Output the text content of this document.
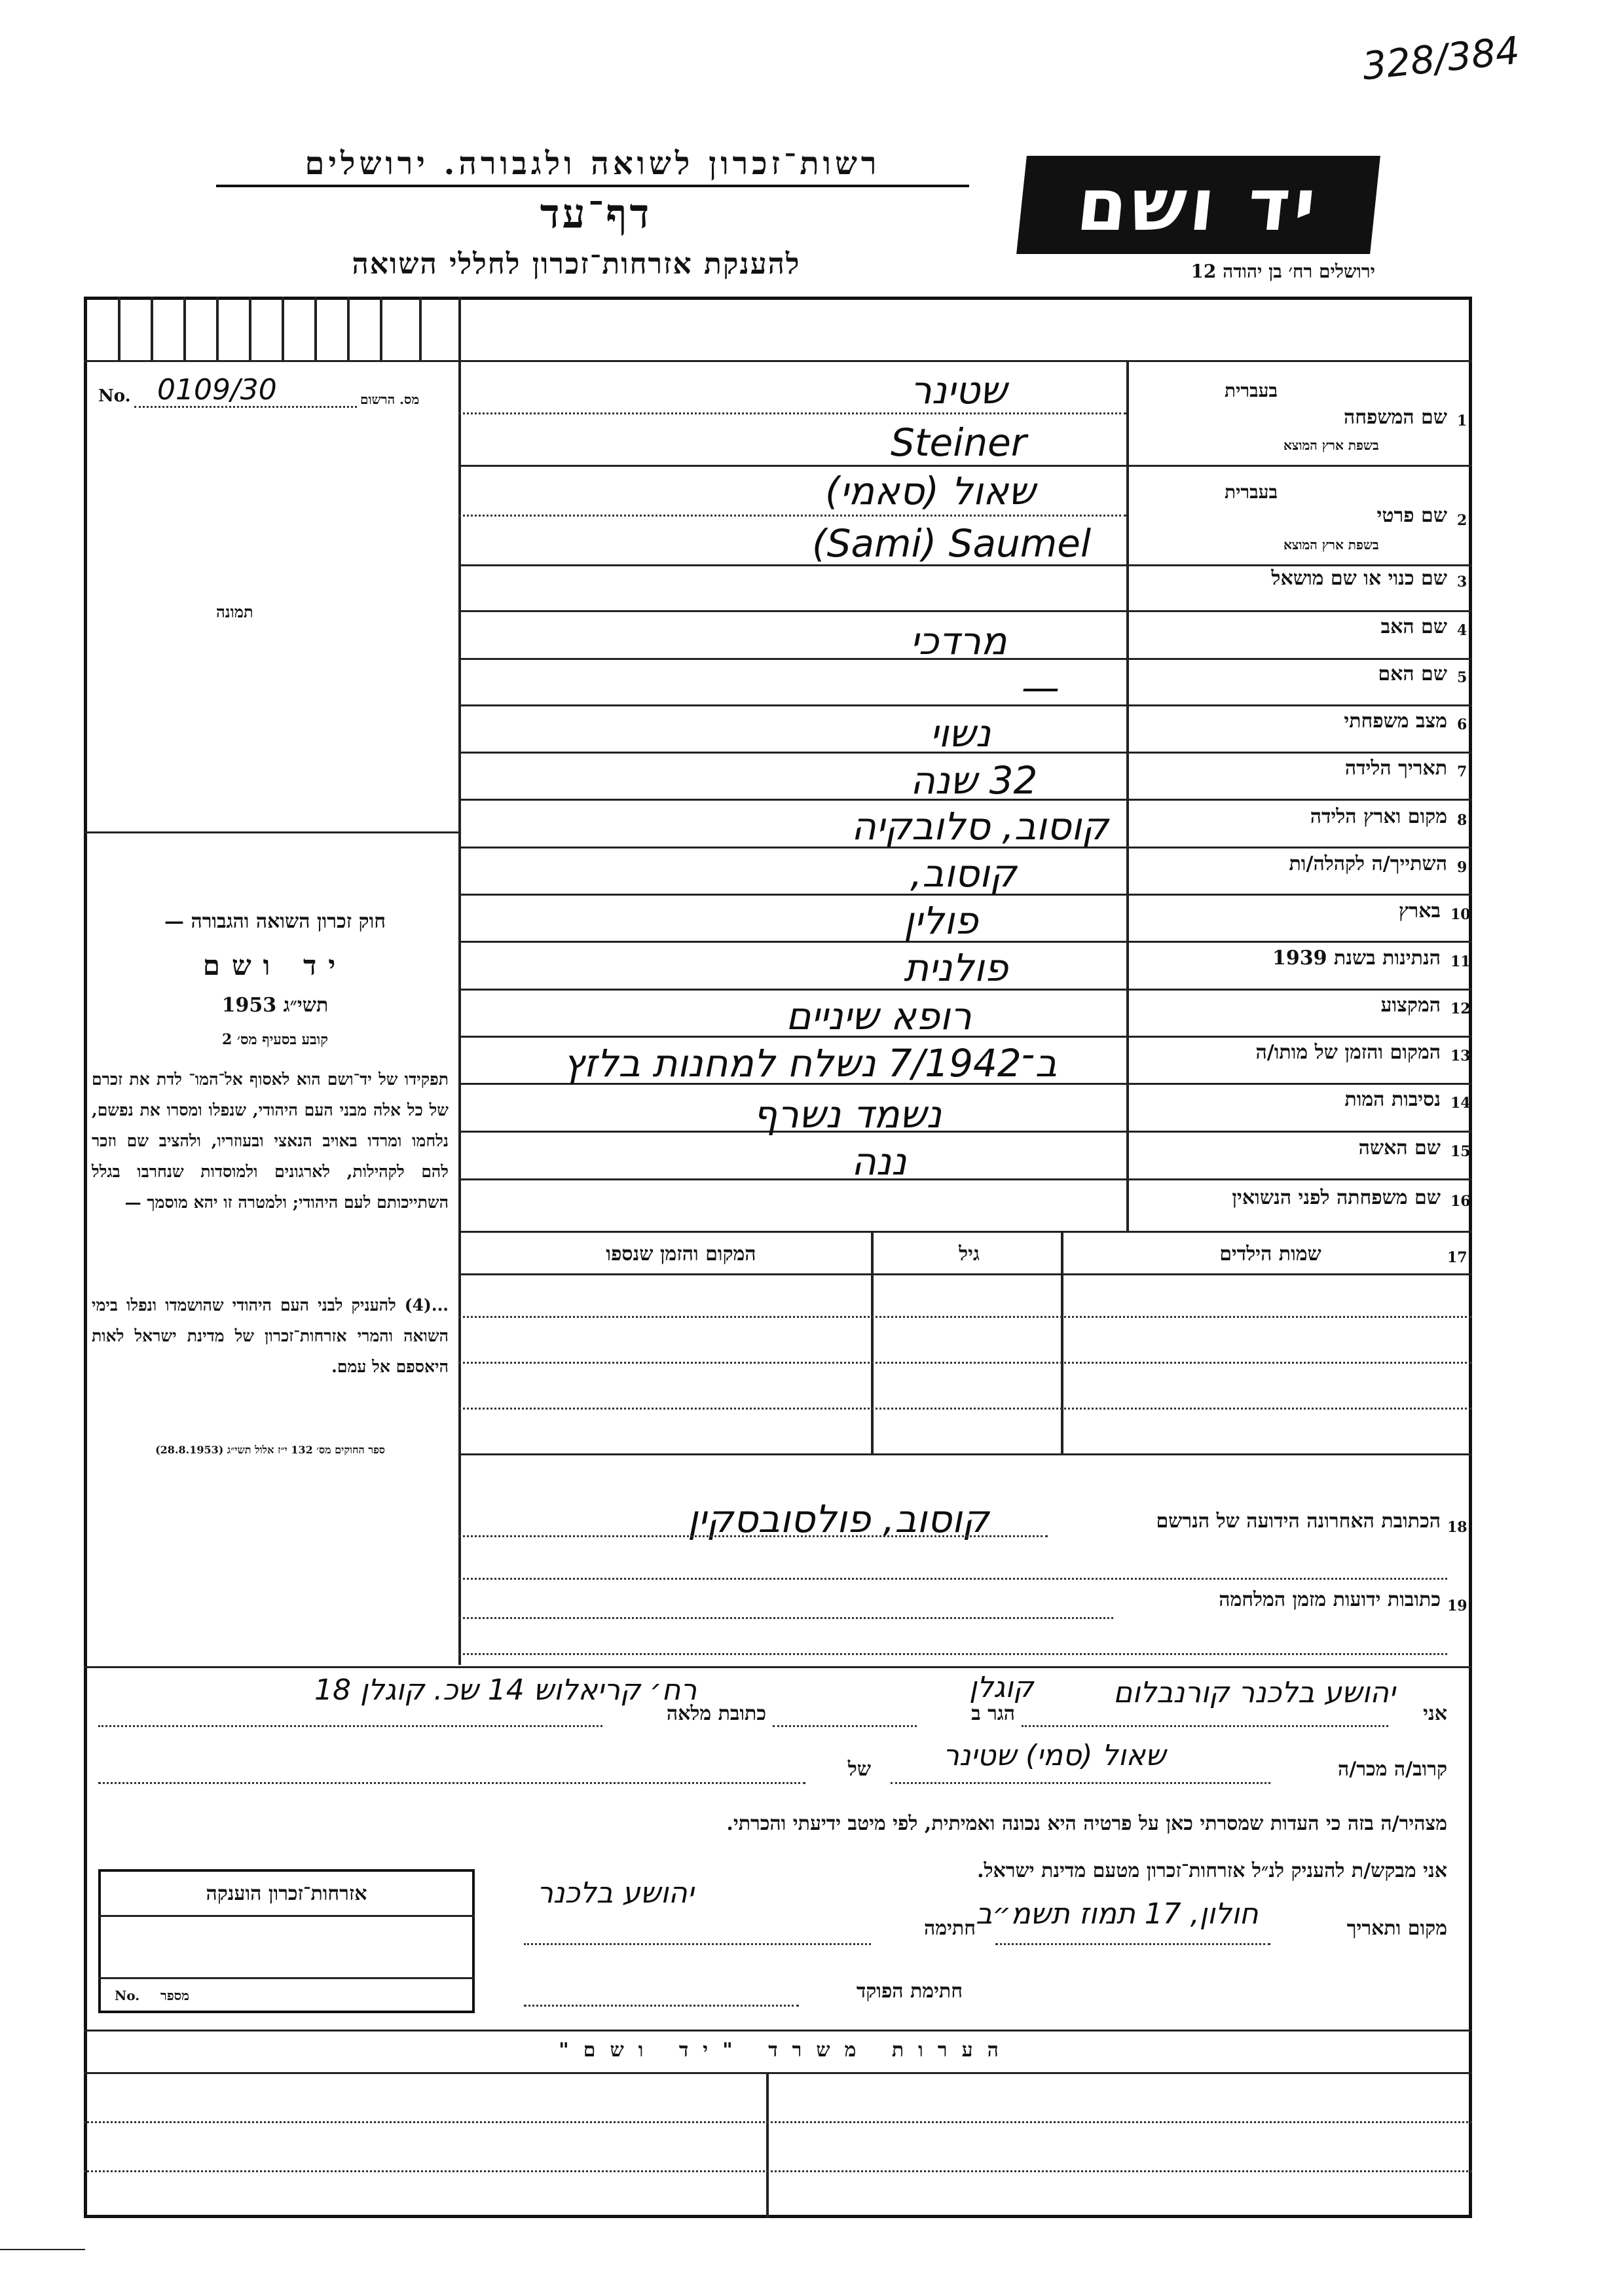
328/384
רשות־זכרון לשואה ולגבורה. ירושלים
דף־עד
להענקת אזרחות־זכרון לחללי השואה
יד ושם
ירושלים רח׳ בן יהודה 12
No. 0109/30	מס. הרשום
תמונה
1
שם המשפחה
בעברית
בשפת ארץ המוצא
שטינר
Steiner
2
שם פרטי
בעברית
בשפת ארץ המוצא
שאול (סאמי)
(Sami) Saumel
3
שם כנוי או שם מושאל
4
שם האב
מרדכי
5
שם האם
—
6
מצב משפחתי
נשוי
7
תאריך הלידה
32 שנה
8
מקום וארץ הלידה
קוסוב, סלובקיה
9
השתייך/ה לקהלה/ות
קוסוב,
10
בארץ
פולין
11
הנתינות בשנת 1939
פולנית
12
המקצוע
רופא שיניים
13
המקום והזמן של מותו/ה
ב־7/1942 נשלח למחנות בלזץ
14
נסיבות המות
נשמד נשרף
15
שם האשה
ננה
16
שם משפחתה לפני הנשואין
17
שמות הילדים
גיל
המקום והזמן שנספו
חוק זכרון השואה והגבורה —
יד ושם
תשי״ג 1953
קובע בסעיף מס׳ 2
תפקידו של יד־ושם הוא לאסוף אל־המו־ לדת את זכרם של כל אלה מבני העם היהודי, שנפלו ומסרו את נפשם, נלחמו ומרדו באויב הנאצי ובעוזריו, ולהציב שם וזכר להם לקהילות, לארגונים ולמוסדות שנחרבו בגלל השתייכותם לעם היהודי; ולמטרה זו יהא מוסמך —
...(4) להעניק לבני העם היהודי שהושמדו ונפלו בימי השואה והמרי אזרחות־זכרון של מדינת ישראל לאות היאספם אל עמם.
ספר החוקים מס׳ 132 י״ז אלול תשי״ג (28.8.1953)
18
הכתובת האחרונה הידועה של הנרשם
קוסוב, פולסובסקין
19
כתובות ידועות מזמן המלחמה
אני
יהושע בלכנר קורנבלום
הגר ב
קוגלן
כתובת מלאה
רח׳ קריאלוש 14 שכ. קוגלן 18
קרוב/ה מכר/ה
שאול (סמי) שטינר
של
מצהיר/ה בזה כי העדות שמסרתי כאן על פרטיה היא נכונה ואמיתית, לפי מיטב ידיעתי והכרתי.
אני מבקש/ת להעניק לנ״ל אזרחות־זכרון מטעם מדינת ישראל.
מקום ותאריך
חולון, 17 תמוז תשמ״ב
חתימה
יהושע בלכנר
חתימת הפוקד
אזרחות־זכרון הוענקה
No. מספר
הערות משרד "יד ושם"
